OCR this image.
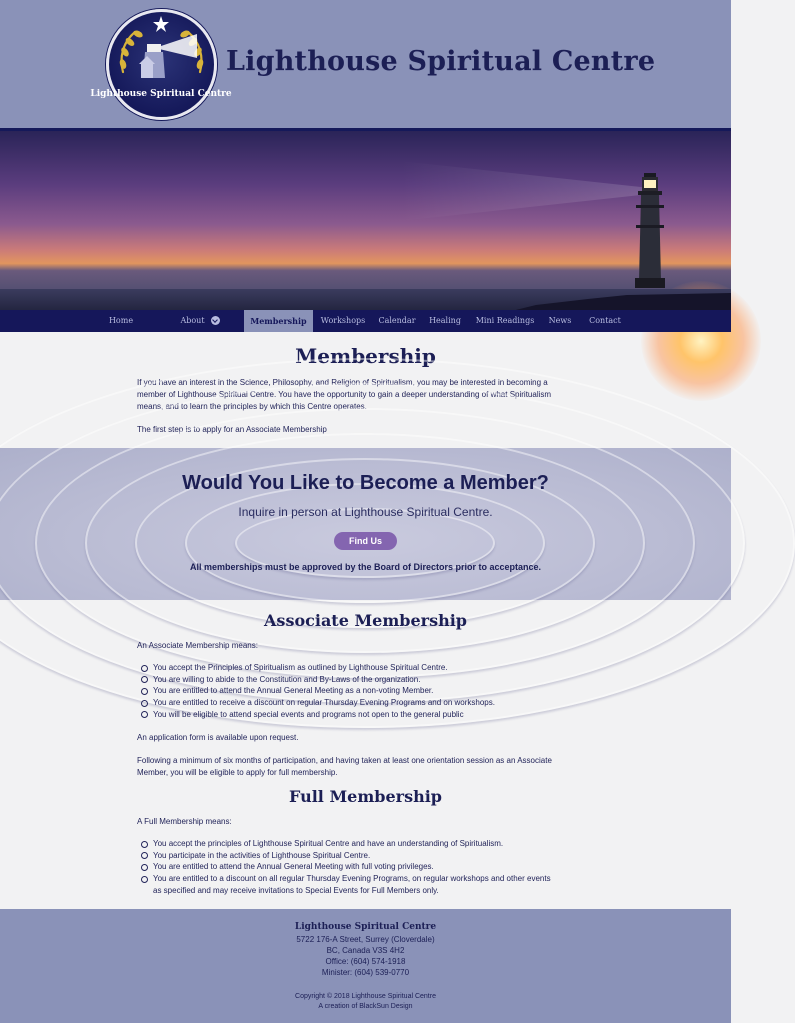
Lighthouse Spiritual Centre
Lighthouse Spiritual Centre
Home	About	Membership	Workshops	Calendar	Healing	Mini Readings	News	Contact
Membership
If you have an interest in the Science, Philosophy, and Religion of Spiritualism, you may be interested in becoming a
member of Lighthouse Spiritual Centre. You have the opportunity to gain a deeper understanding of what Spiritualism
means, and to learn the principles by which this Centre operates.
The first step is to apply for an Associate Membership
Would You Like to Become a Member?
Inquire in person at Lighthouse Spiritual Centre.
Find Us
All memberships must be approved by the Board of Directors prior to acceptance.
Associate Membership
An Associate Membership means:
You accept the Principles of Spiritualism as outlined by Lighthouse Spiritual Centre.
You are willing to abide to the Constitution and By-Laws of the organization.
You are entitled to attend the Annual General Meeting as a non-voting Member.
You are entitled to receive a discount on regular Thursday Evening Programs and on workshops.
You will be eligible to attend special events and programs not open to the general public
An application form is available upon request.
Following a minimum of six months of participation, and having taken at least one orientation session as an Associate
Member, you will be eligible to apply for full membership.
Full Membership
A Full Membership means:
You accept the principles of Lighthouse Spiritual Centre and have an understanding of Spiritualism.
You participate in the activities of Lighthouse Spiritual Centre.
You are entitled to attend the Annual General Meeting with full voting privileges.
You are entitled to a discount on all regular Thursday Evening Programs, on regular workshops and other events
as specified and may receive invitations to Special Events for Full Members only.
Lighthouse Spiritual Centre
5722 176-A Street, Surrey (Cloverdale)
BC, Canada V3S 4H2
Office: (604) 574-1918
Minister: (604) 539-0770
Copyright © 2018 Lighthouse Spiritual Centre
A creation of BlackSun Design
